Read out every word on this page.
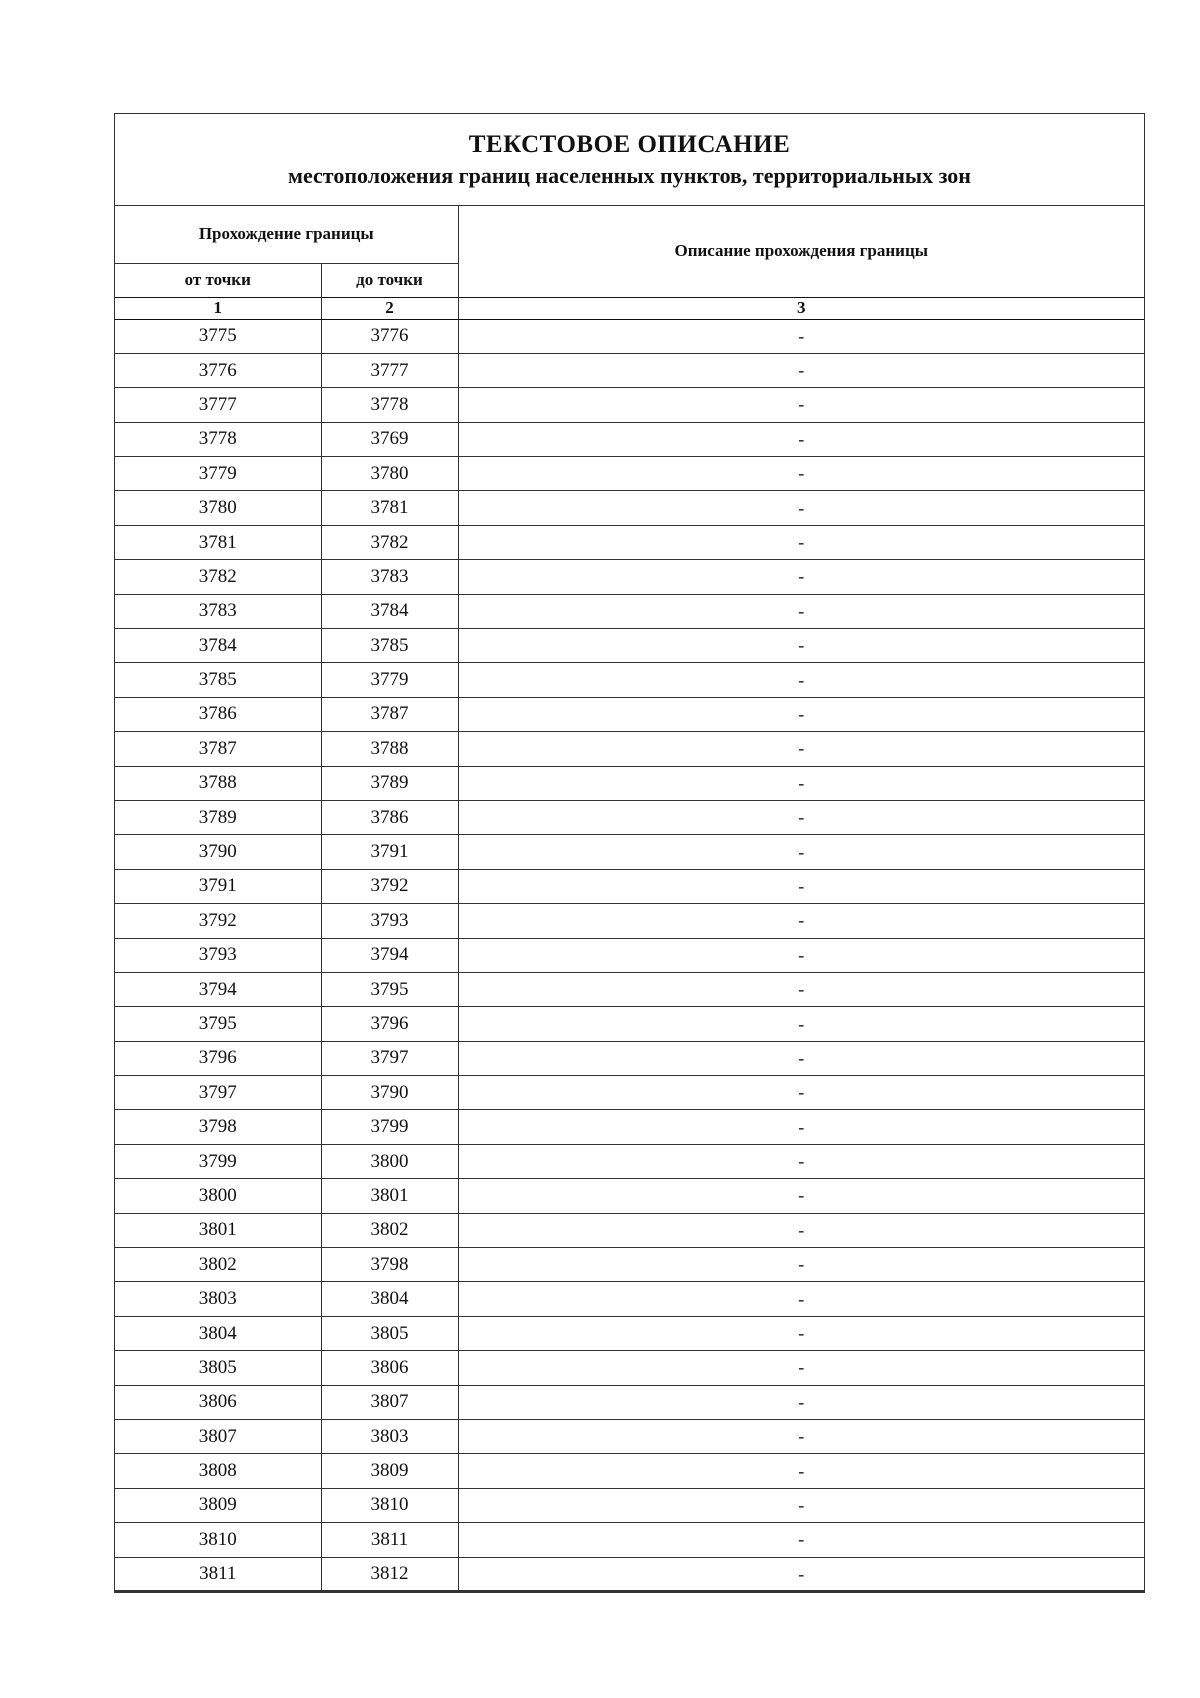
ТЕКСТОВОЕ ОПИСАНИЕ
местоположения границ населенных пунктов, территориальных зон
Прохождение границы		Описание прохождения границы
от точки	до точки	
1	2	3
3775	3776	-
3776	3777	-
3777	3778	-
3778	3769	-
3779	3780	-
3780	3781	-
3781	3782	-
3782	3783	-
3783	3784	-
3784	3785	-
3785	3779	-
3786	3787	-
3787	3788	-
3788	3789	-
3789	3786	-
3790	3791	-
3791	3792	-
3792	3793	-
3793	3794	-
3794	3795	-
3795	3796	-
3796	3797	-
3797	3790	-
3798	3799	-
3799	3800	-
3800	3801	-
3801	3802	-
3802	3798	-
3803	3804	-
3804	3805	-
3805	3806	-
3806	3807	-
3807	3803	-
3808	3809	-
3809	3810	-
3810	3811	-
3811	3812	-
